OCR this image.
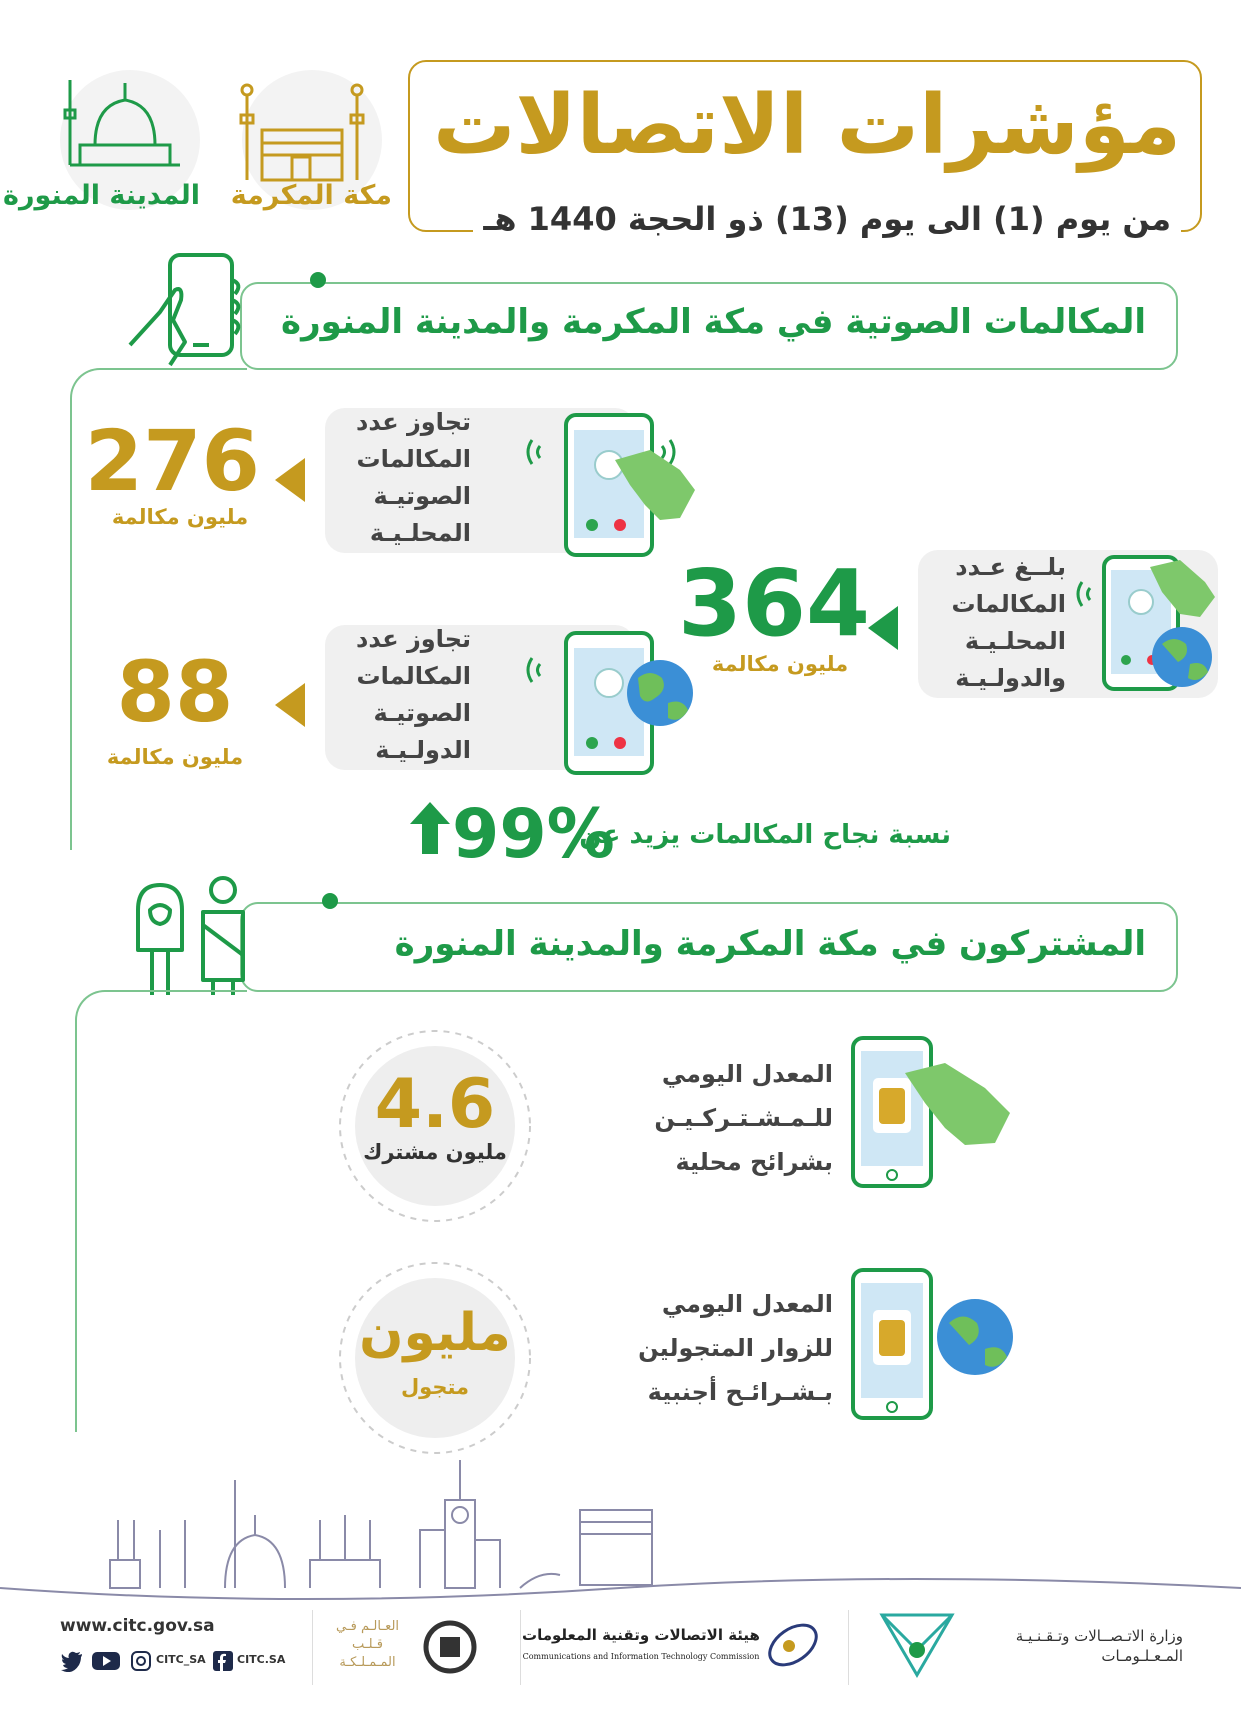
مؤشرات الاتصالات
من يوم (1) الى يوم (13) ذو الحجة 1440 هـ
مكة المكرمة
المدينة المنورة
المكالمات الصوتية في مكة المكرمة والمدينة المنورة
تجاوز عدد
المكالمات
الصوتيـة
المحلـيـة
276
مليون مكالمة
تجاوز عدد
المكالمات
الصوتيـة
الدولـيـة
88
مليون مكالمة
بلــغ عـدد
المكالمات
المحلـيـة
والدولـيـة
364
مليون مكالمة
نسبة نجاح المكالمات يزيد عن
99%
المشتركون في مكة المكرمة والمدينة المنورة
المعدل اليومي
للـمـشـتـركـيـن
بشرائح محلية
4.6
مليون مشترك
المعدل اليومي
للزوار المتجولين
بـشـرائـح أجنبية
مليون
متجول
www.citc.gov.sa
CITC_SA	CITC.SA
العـالـم فـي قـلـب المـمـلـكـة
هيئة الاتصالات وتقنية المعلومات
Communications and Information Technology Commission
وزارة الاتـصــالات وتـقـنـيـة المـعـلـومـات
